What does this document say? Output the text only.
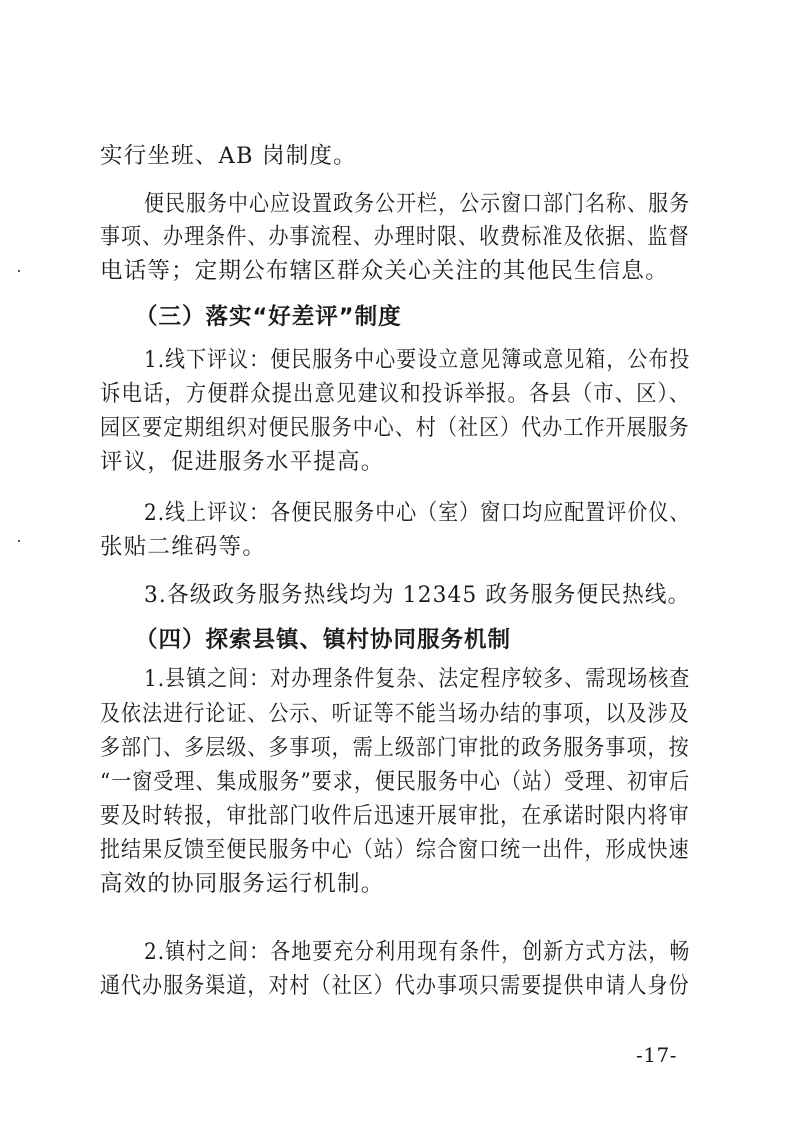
实行坐班、AB 岗制度。
便民服务中心应设置政务公开栏，公示窗口部门名称、服务
事项、办理条件、办事流程、办理时限、收费标准及依据、监督
电话等；定期公布辖区群众关心关注的其他民生信息。
（三）落实“好差评”制度
1.线下评议：便民服务中心要设立意见簿或意见箱，公布投
诉电话，方便群众提出意见建议和投诉举报。各县（市、区）、
园区要定期组织对便民服务中心、村（社区）代办工作开展服务
评议，促进服务水平提高。
2.线上评议：各便民服务中心（室）窗口均应配置评价仪、
张贴二维码等。
3.各级政务服务热线均为 12345 政务服务便民热线。
（四）探索县镇、镇村协同服务机制
1.县镇之间：对办理条件复杂、法定程序较多、需现场核查
及依法进行论证、公示、听证等不能当场办结的事项，以及涉及
多部门、多层级、多事项，需上级部门审批的政务服务事项，按
“一窗受理、集成服务”要求，便民服务中心（站）受理、初审后
要及时转报，审批部门收件后迅速开展审批，在承诺时限内将审
批结果反馈至便民服务中心（站）综合窗口统一出件，形成快速
高效的协同服务运行机制。
2.镇村之间：各地要充分利用现有条件，创新方式方法，畅
通代办服务渠道，对村（社区）代办事项只需要提供申请人身份
-17-
